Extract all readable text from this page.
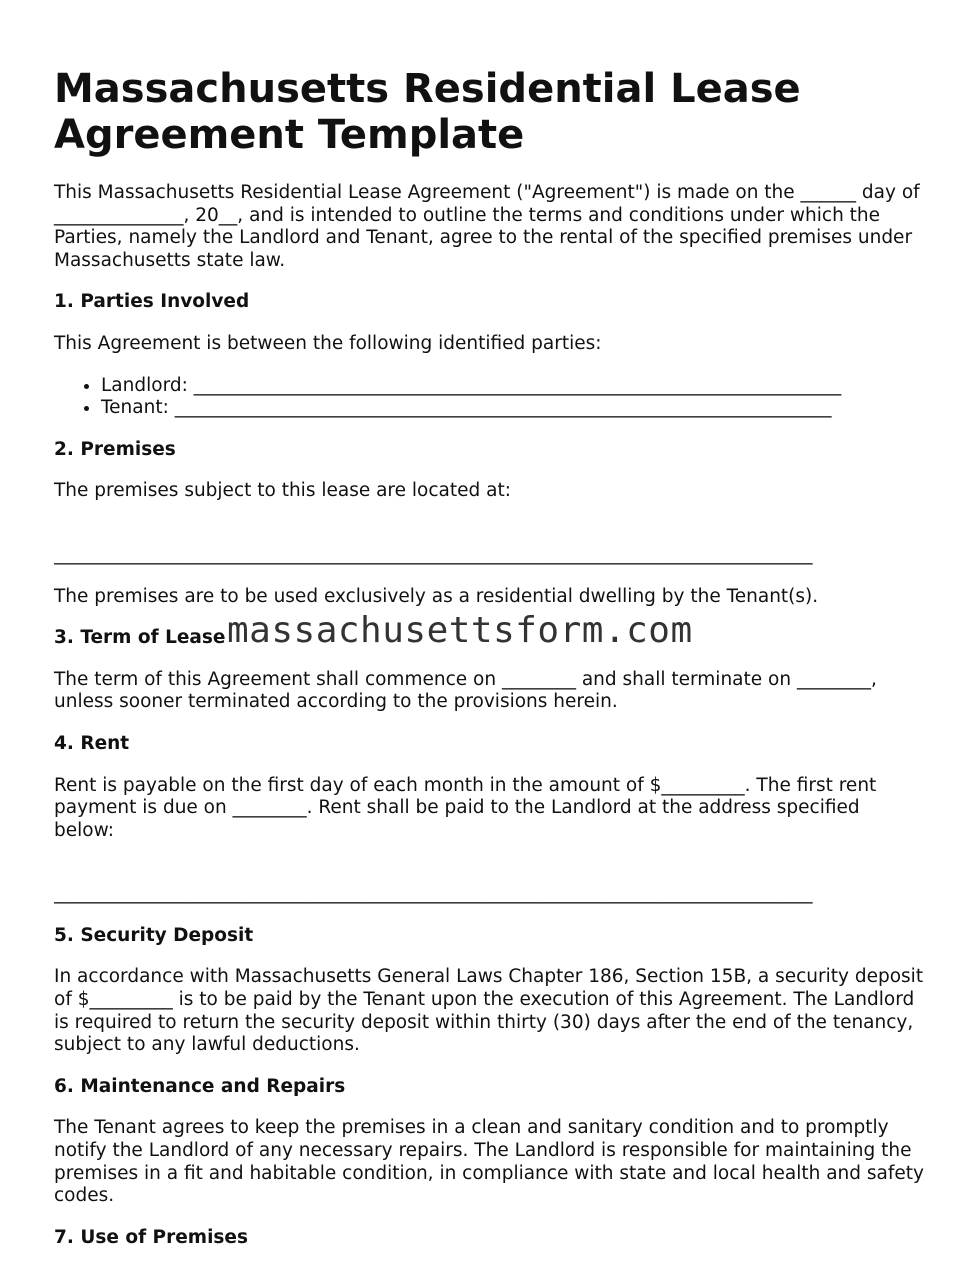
Massachusetts Residential Lease Agreement Template

This Massachusetts Residential Lease Agreement ("Agreement") is made on the ______ day of ______________, 20__, and is intended to outline the terms and conditions under which the Parties, namely the Landlord and Tenant, agree to the rental of the specified premises under Massachusetts state law.

1. Parties Involved

This Agreement is between the following identified parties:

• Landlord: ______________________________________________________________________
• Tenant: _______________________________________________________________________
2. Premises

The premises subject to this lease are located at:

__________________________________________________________________________________

The premises are to be used exclusively as a residential dwelling by the Tenant(s).

3. Term of Lease

The term of this Agreement shall commence on ________ and shall terminate on ________, unless sooner terminated according to the provisions herein.

4. Rent

Rent is payable on the first day of each month in the amount of $_________. The first rent payment is due on ________. Rent shall be paid to the Landlord at the address specified below:

__________________________________________________________________________________
5. Security Deposit

In accordance with Massachusetts General Laws Chapter 186, Section 15B, a security deposit of $_________ is to be paid by the Tenant upon the execution of this Agreement. The Landlord is required to return the security deposit within thirty (30) days after the end of the tenancy, subject to any lawful deductions.

6. Maintenance and Repairs

The Tenant agrees to keep the premises in a clean and sanitary condition and to promptly notify the Landlord of any necessary repairs. The Landlord is responsible for maintaining the premises in a fit and habitable condition, in compliance with state and local health and safety codes.

7. Use of Premises
massachusettsform.com
